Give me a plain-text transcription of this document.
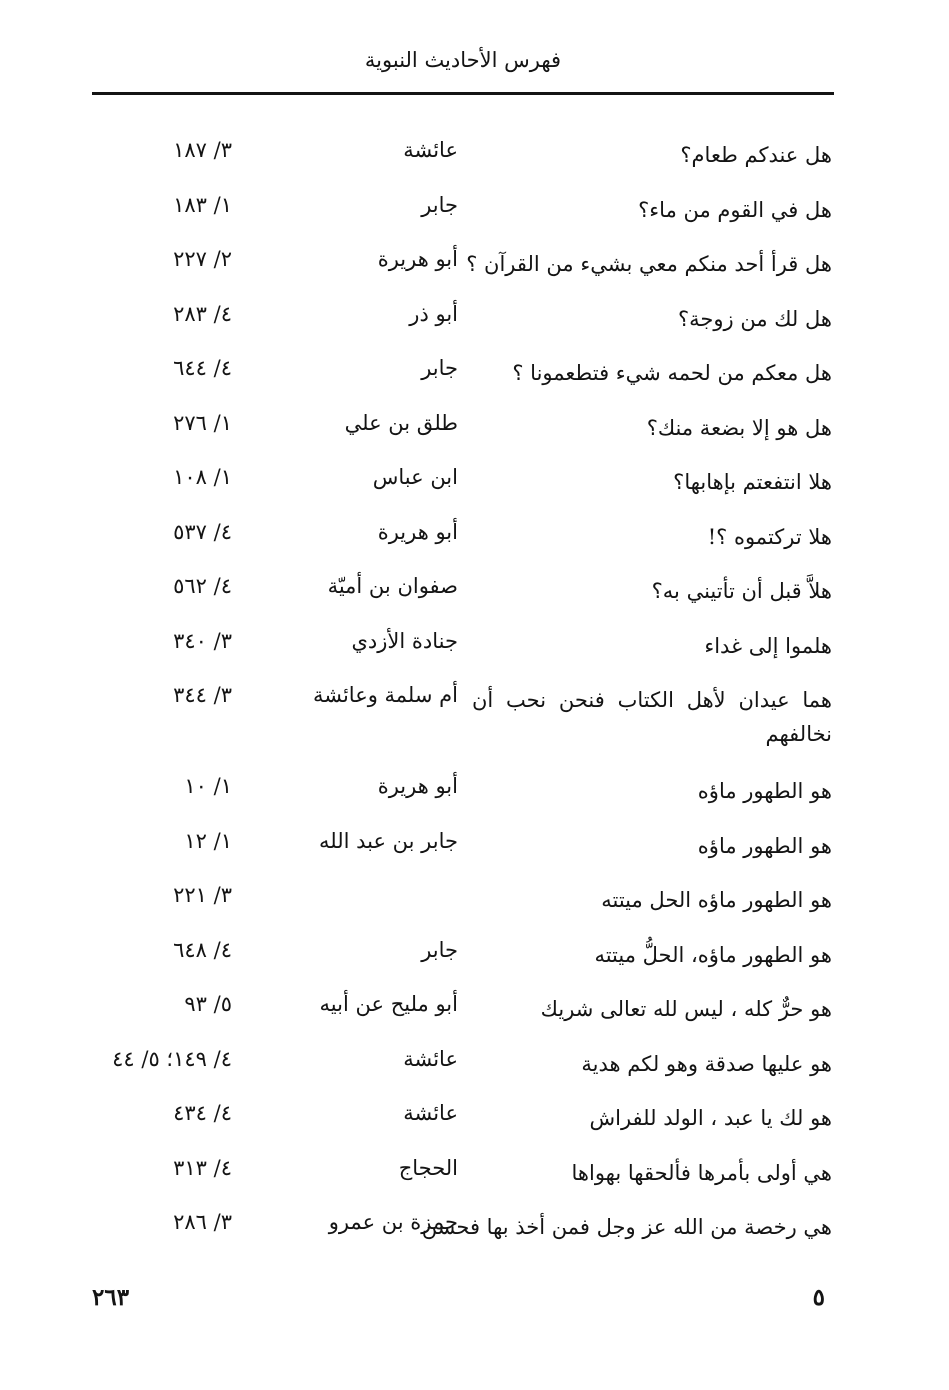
فهرس الأحاديث النبوية
هل عندكم طعام؟
عائشة
٣/ ١٨٧
هل في القوم من ماء؟
جابر
١/ ١٨٣
هل قرأ أحد منكم معي بشيء من القرآن ؟
أبو هريرة
٢/ ٢٢٧
هل لك من زوجة؟
أبو ذر
٤/ ٢٨٣
هل معكم من لحمه شيء فتطعمونا ؟
جابر
٤/ ٦٤٤
هل هو إلا بضعة منك؟
طلق بن علي
١/ ٢٧٦
هلا انتفعتم بإهابها؟
ابن عباس
١/ ١٠٨
هلا تركتموه ؟!
أبو هريرة
٤/ ٥٣٧
هلاَّ قبل أن تأتيني به؟
صفوان بن أميّة
٤/ ٥٦٢
هلموا إلى غداء
جنادة الأزدي
٣/ ٣٤٠
هما عيدان لأهل الكتاب فنحن نحب أن نخالفهم
أم سلمة وعائشة
٣/ ٣٤٤
هو الطهور ماؤه
أبو هريرة
١/ ١٠
هو الطهور ماؤه
جابر بن عبد الله
١/ ١٢
هو الطهور ماؤه الحل ميتته
٣/ ٢٢١
هو الطهور ماؤه، الحلُّ ميتته
جابر
٤/ ٦٤٨
هو حرٌّ كله ، ليس لله تعالى شريك
أبو مليح عن أبيه
٥/ ٩٣
هو عليها صدقة وهو لكم هدية
عائشة
٤/ ١٤٩؛ ٥/ ٤٤
هو لك يا عبد ، الولد للفراش
عائشة
٤/ ٤٣٤
هي أولى بأمرها فألحقها بهواها
الحجاج
٤/ ٣١٣
هي رخصة من الله عز وجل فمن أخذ بها فحسن
حمزة بن عمرو
٣/ ٢٨٦
٥
٢٦٣
